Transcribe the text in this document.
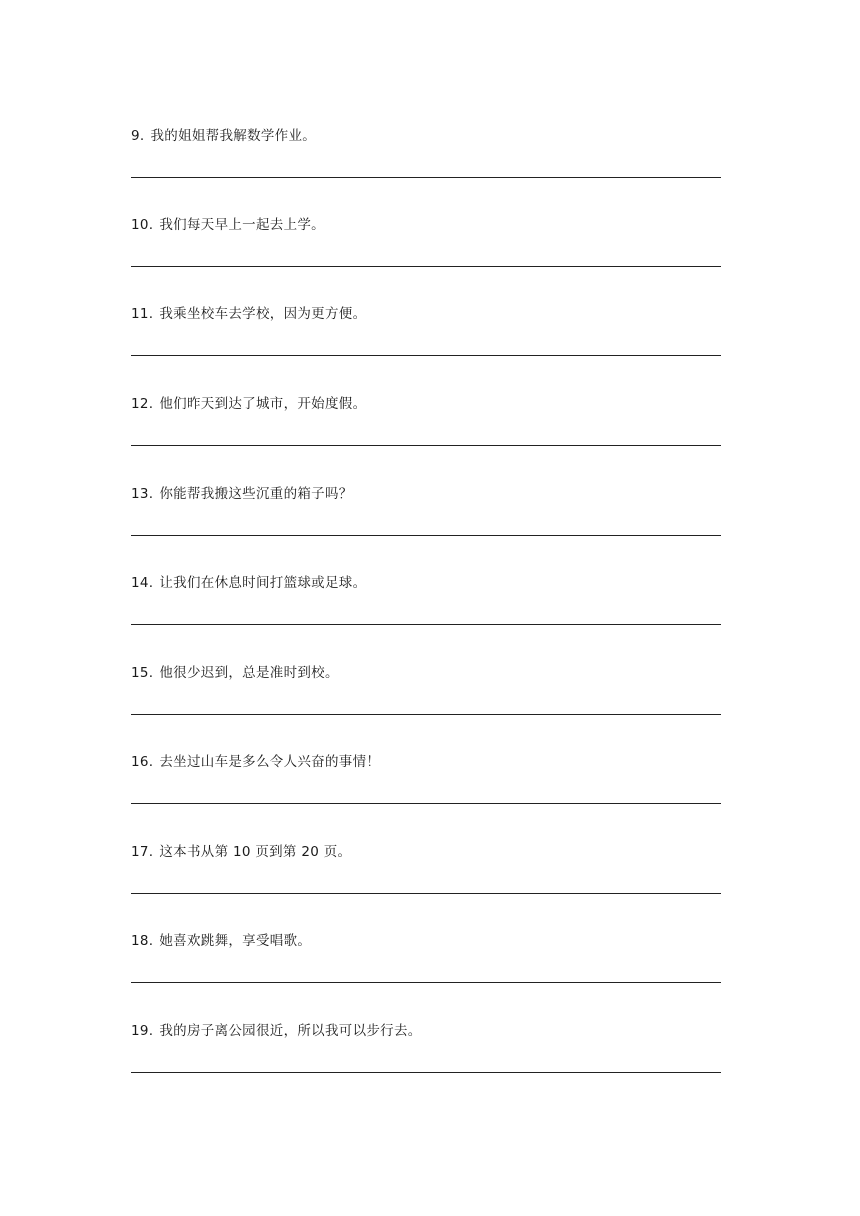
9. 我的姐姐帮我解数学作业。
10. 我们每天早上一起去上学。
11. 我乘坐校车去学校，因为更方便。
12. 他们昨天到达了城市，开始度假。
13. 你能帮我搬这些沉重的箱子吗？
14. 让我们在休息时间打篮球或足球。
15. 他很少迟到，总是准时到校。
16. 去坐过山车是多么令人兴奋的事情！
17. 这本书从第 10 页到第 20 页。
18. 她喜欢跳舞，享受唱歌。
19. 我的房子离公园很近，所以我可以步行去。
